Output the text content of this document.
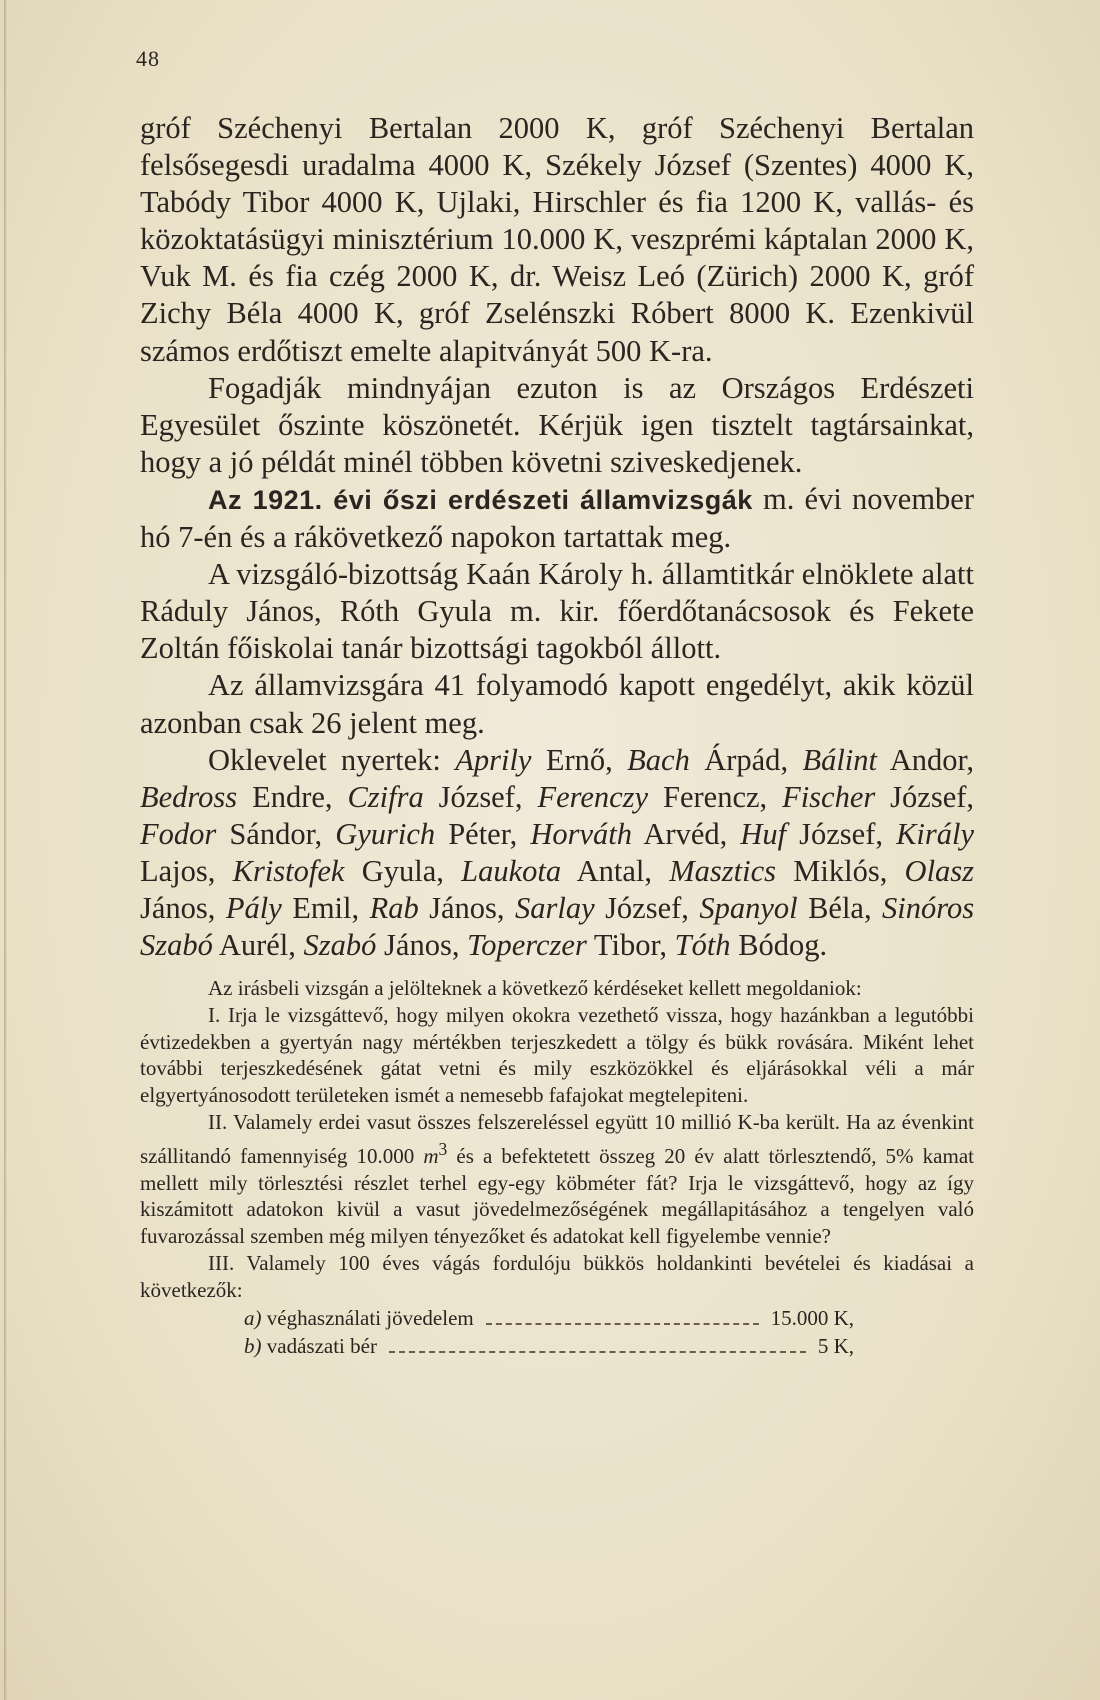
48

gróf Széchenyi Bertalan 2000 K, gróf Széchenyi Bertalan felsősegesdi uradalma 4000 K, Székely József (Szentes) 4000 K, Tabódy Tibor 4000 K, Ujlaki, Hirschler és fia 1200 K, vallás- és közoktatásügyi minisztérium 10.000 K, veszprémi káptalan 2000 K, Vuk M. és fia czég 2000 K, dr. Weisz Leó (Zürich) 2000 K, gróf Zichy Béla 4000 K, gróf Zselénszki Róbert 8000 K. Ezenkivül számos erdőtiszt emelte alapitványát 500 K-ra.

Fogadják mindnyájan ezuton is az Országos Erdészeti Egyesület őszinte köszönetét. Kérjük igen tisztelt tagtársainkat, hogy a jó példát minél többen követni sziveskedjenek.

Az 1921. évi őszi erdészeti államvizsgák m. évi november hó 7-én és a rákövetkező napokon tartattak meg.

A vizsgáló-bizottság Kaán Károly h. államtitkár elnöklete alatt Ráduly János, Róth Gyula m. kir. főerdőtanácsosok és Fekete Zoltán főiskolai tanár bizottsági tagokból állott.

Az államvizsgára 41 folyamodó kapott engedélyt, akik közül azonban csak 26 jelent meg.

Oklevelet nyertek: Aprily Ernő, Bach Árpád, Bálint Andor, Bedross Endre, Czifra József, Ferenczy Ferencz, Fischer József, Fodor Sándor, Gyurich Péter, Horváth Arvéd, Huf József, Király Lajos, Kristofek Gyula, Laukota Antal, Masztics Miklós, Olasz János, Pály Emil, Rab János, Sarlay József, Spanyol Béla, Sinóros Szabó Aurél, Szabó János, Toperczer Tibor, Tóth Bódog.

Az irásbeli vizsgán a jelölteknek a következő kérdéseket kellett megoldaniok:

I. Irja le vizsgáttevő, hogy milyen okokra vezethető vissza, hogy hazánkban a legutóbbi évtizedekben a gyertyán nagy mértékben terjeszkedett a tölgy és bükk rovására. Miként lehet további terjeszkedésének gátat vetni és mily eszközökkel és eljárásokkal véli a már elgyertyánosodott területeken ismét a nemesebb fafajokat megtelepiteni.

II. Valamely erdei vasut összes felszereléssel együtt 10 millió K-ba került. Ha az évenkint szállitandó famennyiség 10.000 $m^3$ és a befektetett összeg 20 év alatt törlesztendő, 5% kamat mellett mily törlesztési részlet terhel egy-egy köbméter fát? Irja le vizsgáttevő, hogy az így kiszámitott adatokon kivül a vasut jövedelmezőségének megállapitásához a tengelyen való fuvarozással szemben még milyen tényezőket és adatokat kell figyelembe vennie?

III. Valamely 100 éves vágás fordulóju bükkös holdankinti bevételei és kiadásai a következők:

a) véghasználati jövedelem	15.000 K,
b) vadászati bér	5 K,
